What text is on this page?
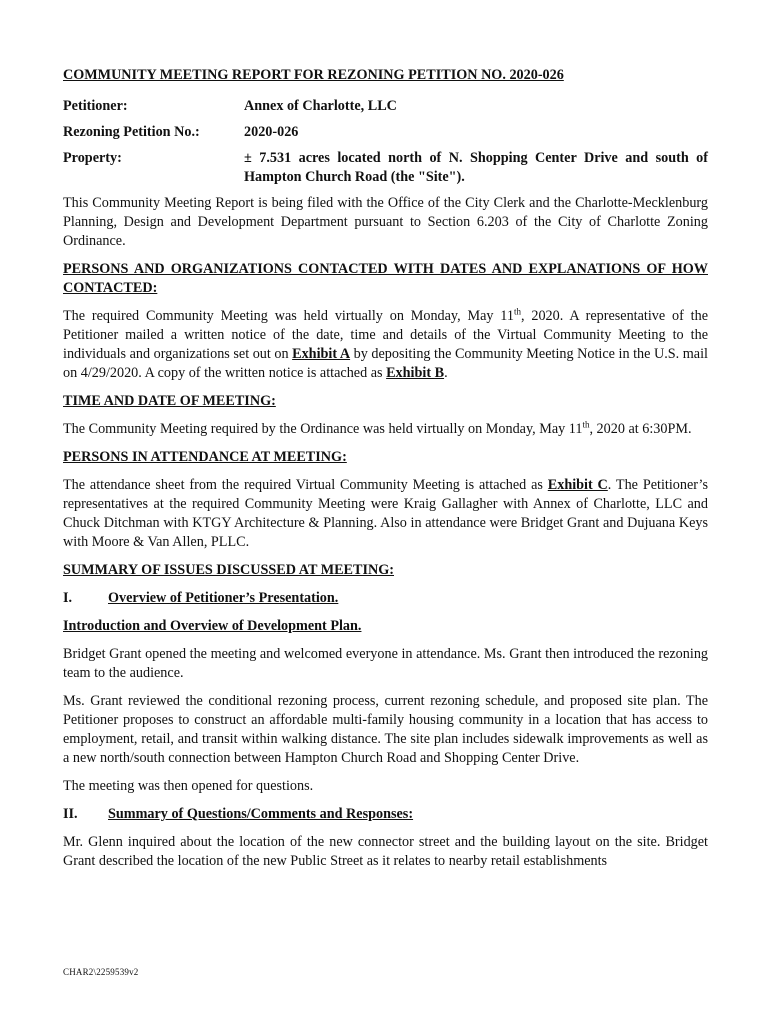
COMMUNITY MEETING REPORT FOR REZONING PETITION NO. 2020-026

Petitioner:	Annex of Charlotte, LLC
Rezoning Petition No.:	2020-026
Property:	± 7.531 acres located north of N. Shopping Center Drive and south of Hampton Church Road (the "Site").

This Community Meeting Report is being filed with the Office of the City Clerk and the Charlotte-Mecklenburg Planning, Design and Development Department pursuant to Section 6.203 of the City of Charlotte Zoning Ordinance.

PERSONS AND ORGANIZATIONS CONTACTED WITH DATES AND EXPLANATIONS OF HOW CONTACTED:

The required Community Meeting was held virtually on Monday, May 11th, 2020. A representative of the Petitioner mailed a written notice of the date, time and details of the Virtual Community Meeting to the individuals and organizations set out on Exhibit A by depositing the Community Meeting Notice in the U.S. mail on 4/29/2020. A copy of the written notice is attached as Exhibit B.

TIME AND DATE OF MEETING:

The Community Meeting required by the Ordinance was held virtually on Monday, May 11th, 2020 at 6:30PM.

PERSONS IN ATTENDANCE AT MEETING:

The attendance sheet from the required Virtual Community Meeting is attached as Exhibit C. The Petitioner’s representatives at the required Community Meeting were Kraig Gallagher with Annex of Charlotte, LLC and Chuck Ditchman with KTGY Architecture & Planning. Also in attendance were Bridget Grant and Dujuana Keys with Moore & Van Allen, PLLC.

SUMMARY OF ISSUES DISCUSSED AT MEETING:

I.	Overview of Petitioner’s Presentation.

Introduction and Overview of Development Plan.

Bridget Grant opened the meeting and welcomed everyone in attendance. Ms. Grant then introduced the rezoning team to the audience.

Ms. Grant reviewed the conditional rezoning process, current rezoning schedule, and proposed site plan. The Petitioner proposes to construct an affordable multi-family housing community in a location that has access to employment, retail, and transit within walking distance. The site plan includes sidewalk improvements as well as a new north/south connection between Hampton Church Road and Shopping Center Drive.

The meeting was then opened for questions.

II.	Summary of Questions/Comments and Responses:

Mr. Glenn inquired about the location of the new connector street and the building layout on the site. Bridget Grant described the location of the new Public Street as it relates to nearby retail establishments

CHAR2\2259539v2
